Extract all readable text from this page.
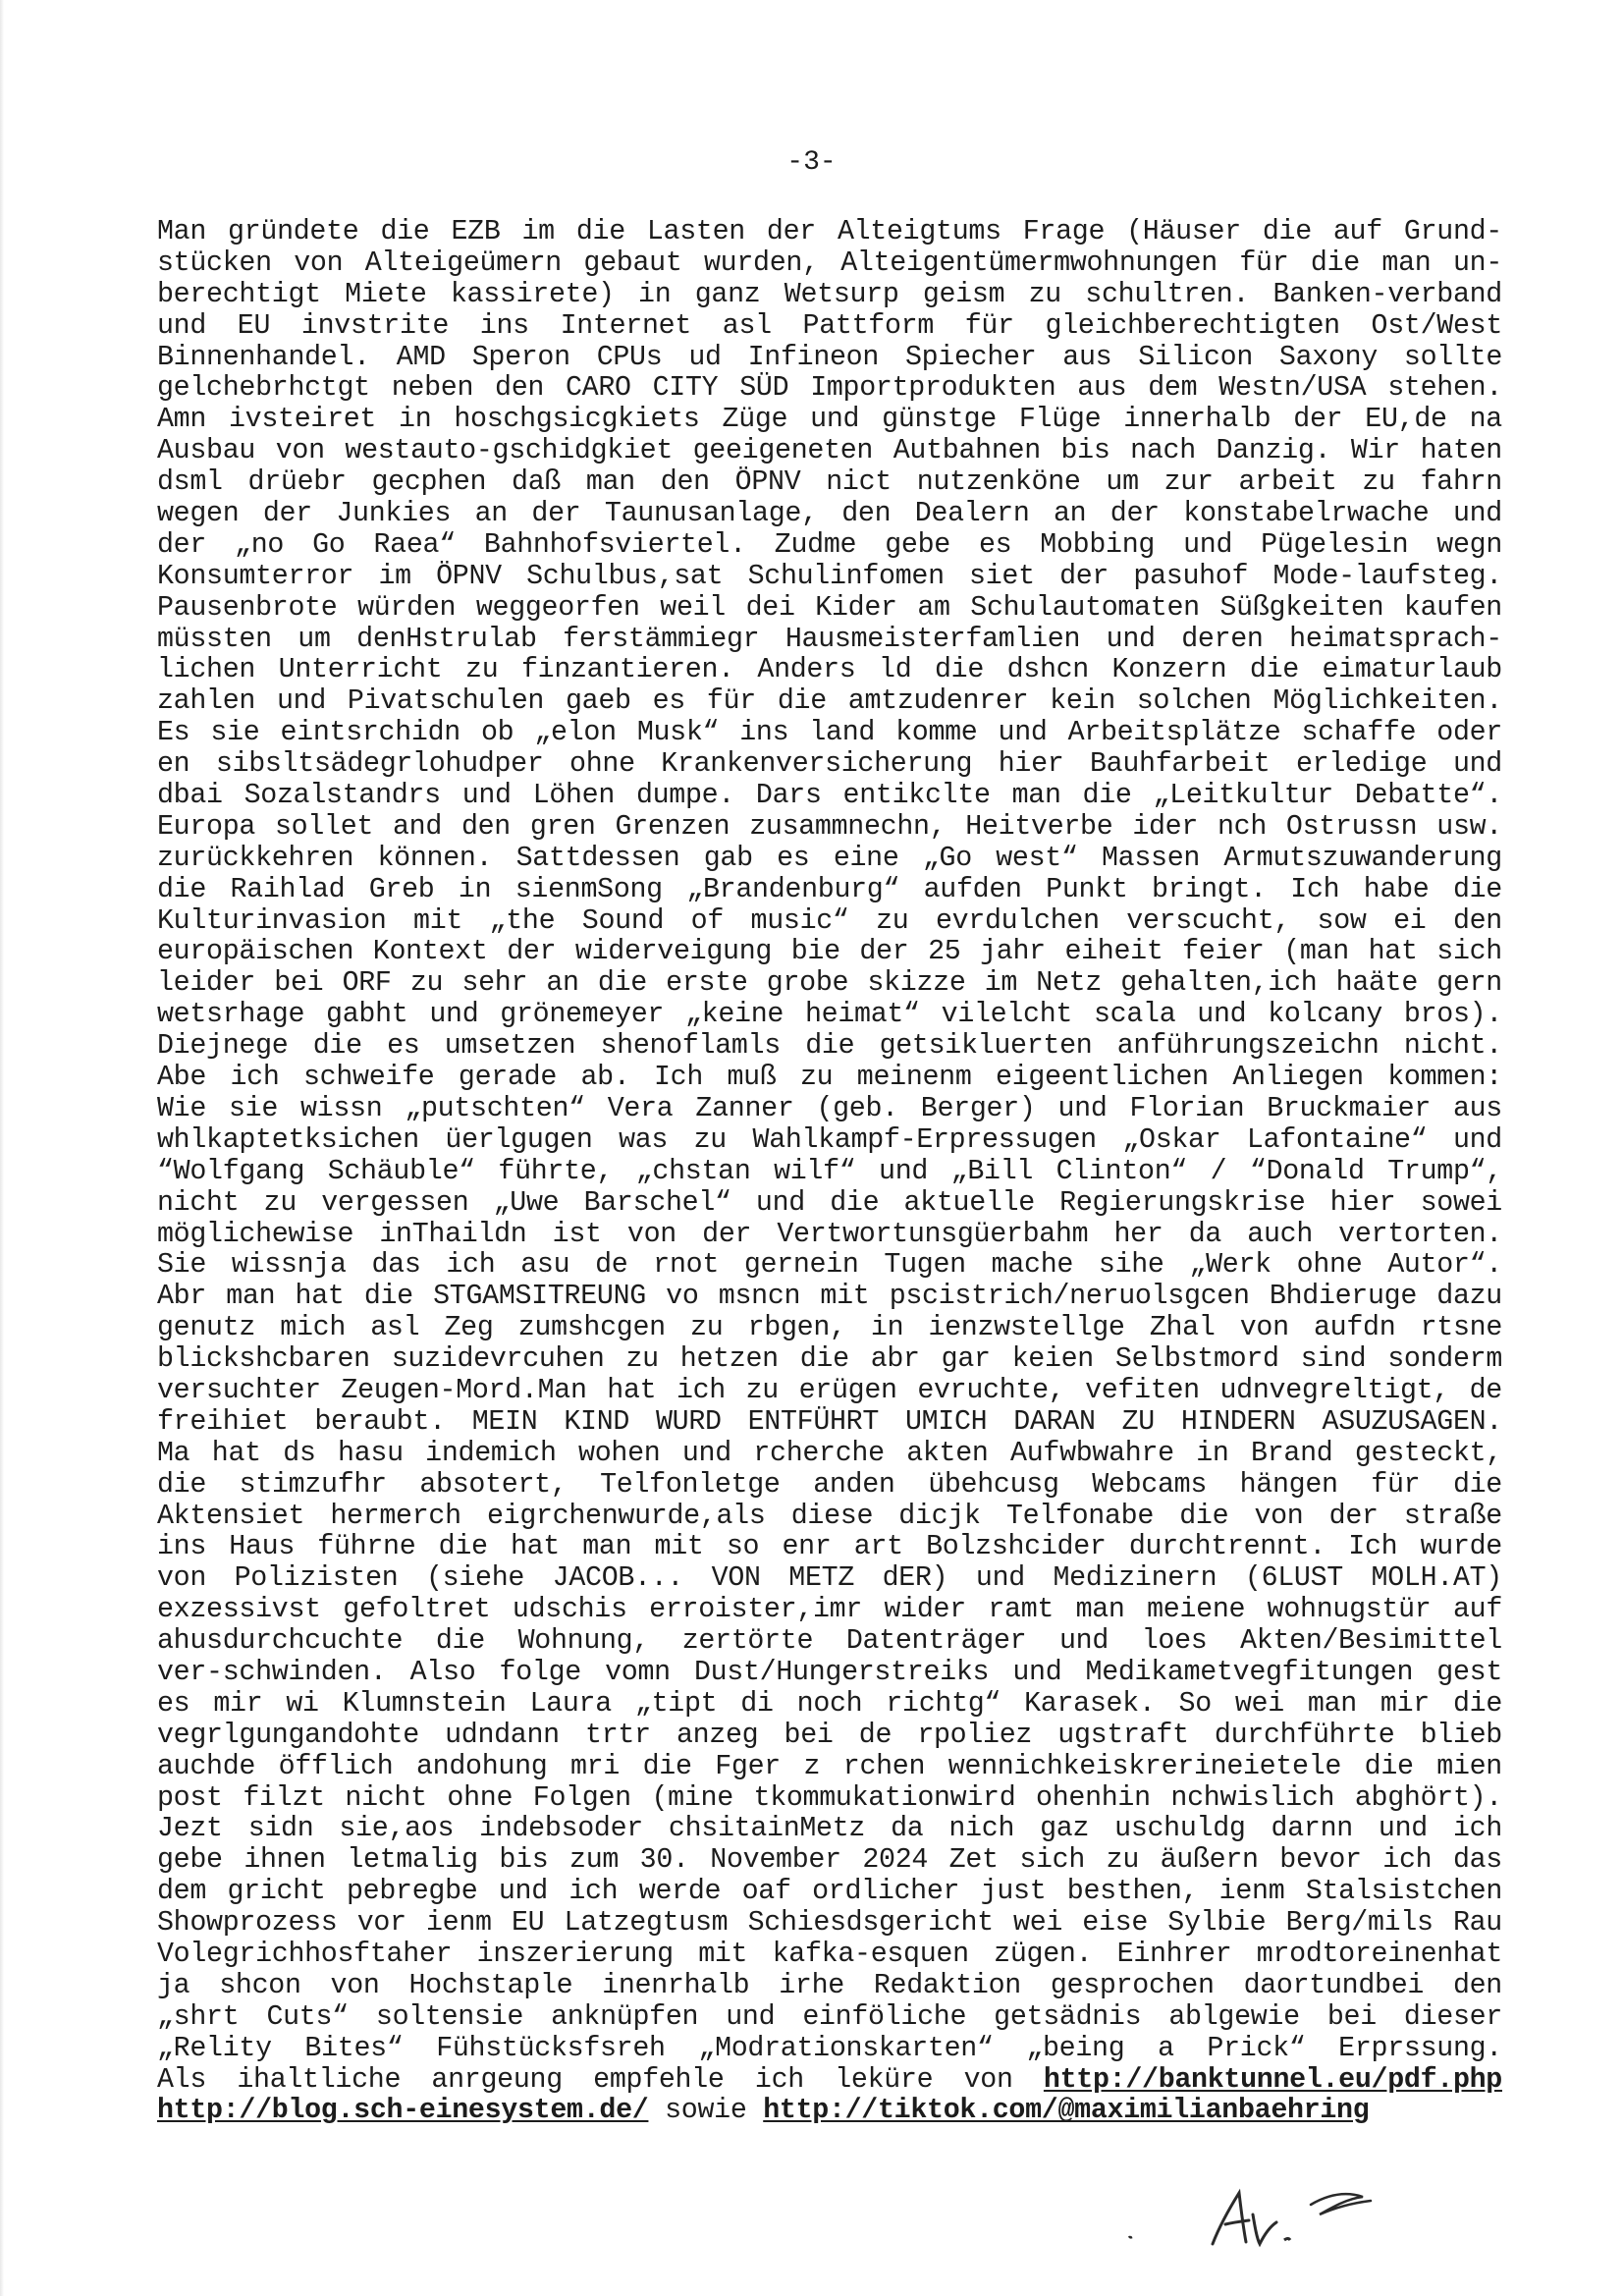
-3-
Man gründete die EZB im die Lasten der Alteigtums Frage (Häuser die auf Grund-
stücken von Alteigeümern gebaut wurden, Alteigentümermwohnungen für die man un-
berechtigt Miete kassirete) in ganz Wetsurp geism zu schultren. Banken-verband
und EU invstrite ins Internet asl Pattform für gleichberechtigten Ost/West
Binnenhandel. AMD Speron CPUs ud Infineon Spiecher aus Silicon Saxony sollte
gelchebrhctgt neben den CARO CITY SÜD Importprodukten aus dem Westn/USA stehen.
Amn ivsteiret in hoschgsicgkiets Züge und günstge Flüge innerhalb der EU,de na
Ausbau von westauto-gschidgkiet geeigeneten Autbahnen bis nach Danzig. Wir haten
dsml drüebr gecphen daß man den ÖPNV nict nutzenköne um zur arbeit zu fahrn
wegen der Junkies an der Taunusanlage, den Dealern an der konstabelrwache und
der „no Go Raea“ Bahnhofsviertel. Zudme gebe es Mobbing und Pügelesin wegn
Konsumterror im ÖPNV Schulbus,sat Schulinfomen siet der pasuhof Mode-laufsteg.
Pausenbrote würden weggeorfen weil dei Kider am Schulautomaten Süßgkeiten kaufen
müssten um denHstrulab ferstämmiegr Hausmeisterfamlien und deren heimatsprach-
lichen Unterricht zu finzantieren. Anders ld die dshcn Konzern die eimaturlaub
zahlen und Pivatschulen gaeb es für die amtzudenrer kein solchen Möglichkeiten.
Es sie eintsrchidn ob „elon Musk“ ins land komme und Arbeitsplätze schaffe oder
en sibsltsädegrlohudper ohne Krankenversicherung hier Bauhfarbeit erledige und
dbai Sozalstandrs und Löhen dumpe. Dars entikclte man die „Leitkultur Debatte“.
Europa sollet and den gren Grenzen zusammnechn, Heitverbe ider nch Ostrussn usw.
zurückkehren können. Sattdessen gab es eine „Go west“ Massen Armutszuwanderung
die Raihlad Greb in sienmSong „Brandenburg“ aufden Punkt bringt. Ich habe die
Kulturinvasion mit „the Sound of music“ zu evrdulchen verscucht, sow ei den
europäischen Kontext der widerveigung bie der 25 jahr eiheit feier (man hat sich
leider bei ORF zu sehr an die erste grobe skizze im Netz gehalten,ich haäte gern
wetsrhage gabht und grönemeyer „keine heimat“ vilelcht scala und kolcany bros).
Diejnege die es umsetzen shenoflamls die getsikluerten anführungszeichn nicht.
Abe ich schweife gerade ab. Ich muß zu meinenm eigeentlichen Anliegen kommen:
Wie sie wissn „putschten“ Vera Zanner (geb. Berger) und Florian Bruckmaier aus
whlkaptetksichen üerlgugen was zu Wahlkampf-Erpressugen „Oskar Lafontaine“ und
“Wolfgang Schäuble“ führte, „chstan wilf“ und „Bill Clinton“ / “Donald Trump“,
nicht zu vergessen „Uwe Barschel“ und die aktuelle Regierungskrise hier sowei
möglichewise inThaildn ist von der Vertwortunsgüerbahm her da auch vertorten.
Sie wissnja das ich asu de rnot gernein Tugen mache sihe „Werk ohne Autor“.
Abr man hat die STGAMSITREUNG vo msncn mit pscistrich/neruolsgcen Bhdieruge dazu
genutz mich asl Zeg zumshcgen zu rbgen, in ienzwstellge Zhal von aufdn rtsne
blickshcbaren suzidevrcuhen zu hetzen die abr gar keien Selbstmord sind sonderm
versuchter Zeugen-Mord.Man hat ich zu erügen evruchte, vefiten udnvegreltigt, de
freihiet beraubt. MEIN KIND WURD ENTFÜHRT UMICH DARAN ZU HINDERN ASUZUSAGEN.
Ma hat ds hasu indemich wohen und rcherche akten Aufwbwahre in Brand gesteckt,
die stimzufhr absotert, Telfonletge anden übehcusg Webcams hängen für die
Aktensiet hermerch eigrchenwurde,als diese dicjk Telfonabe die von der straße
ins Haus führne die hat man mit so enr art Bolzshcider durchtrennt. Ich wurde
von Polizisten (siehe JACOB... VON METZ dER) und Medizinern (6LUST MOLH.AT)
exzessivst gefoltret udschis erroister,imr wider ramt man meiene wohnugstür auf
ahusdurchcuchte die Wohnung, zertörte Datenträger und loes Akten/Besimittel
ver-schwinden. Also folge vomn Dust/Hungerstreiks und Medikametvegfitungen gest
es mir wi Klumnstein Laura „tipt di noch richtg“ Karasek. So wei man mir die
vegrlgungandohte udndann trtr anzeg bei de rpoliez ugstraft durchführte blieb
auchde öfflich andohung mri die Fger z rchen wennichkeiskrerineietele die mien
post filzt nicht ohne Folgen (mine tkommukationwird ohenhin nchwislich abghört).
Jezt sidn sie,aos indebsoder chsitainMetz da nich gaz uschuldg darnn und ich
gebe ihnen letmalig bis zum 30. November 2024 Zet sich zu äußern bevor ich das
dem gricht pebregbe und ich werde oaf ordlicher just besthen, ienm Stalsistchen
Showprozess vor ienm EU Latzegtusm Schiesdsgericht wei eise Sylbie Berg/mils Rau
Volegrichhosftaher inszerierung mit kafka-esquen zügen. Einhrer mrodtoreinenhat
ja shcon von Hochstaple inenrhalb irhe Redaktion gesprochen daortundbei den
„shrt Cuts“ soltensie anknüpfen und einföliche getsädnis ablgewie bei dieser
„Relity Bites“ Fühstücksfsreh „Modrationskarten“ „being a Prick“ Erprssung.
Als ihaltliche anrgeung empfehle ich leküre von http://banktunnel.eu/pdf.php
http://blog.sch-einesystem.de/ sowie http://tiktok.com/@maximilianbaehring
